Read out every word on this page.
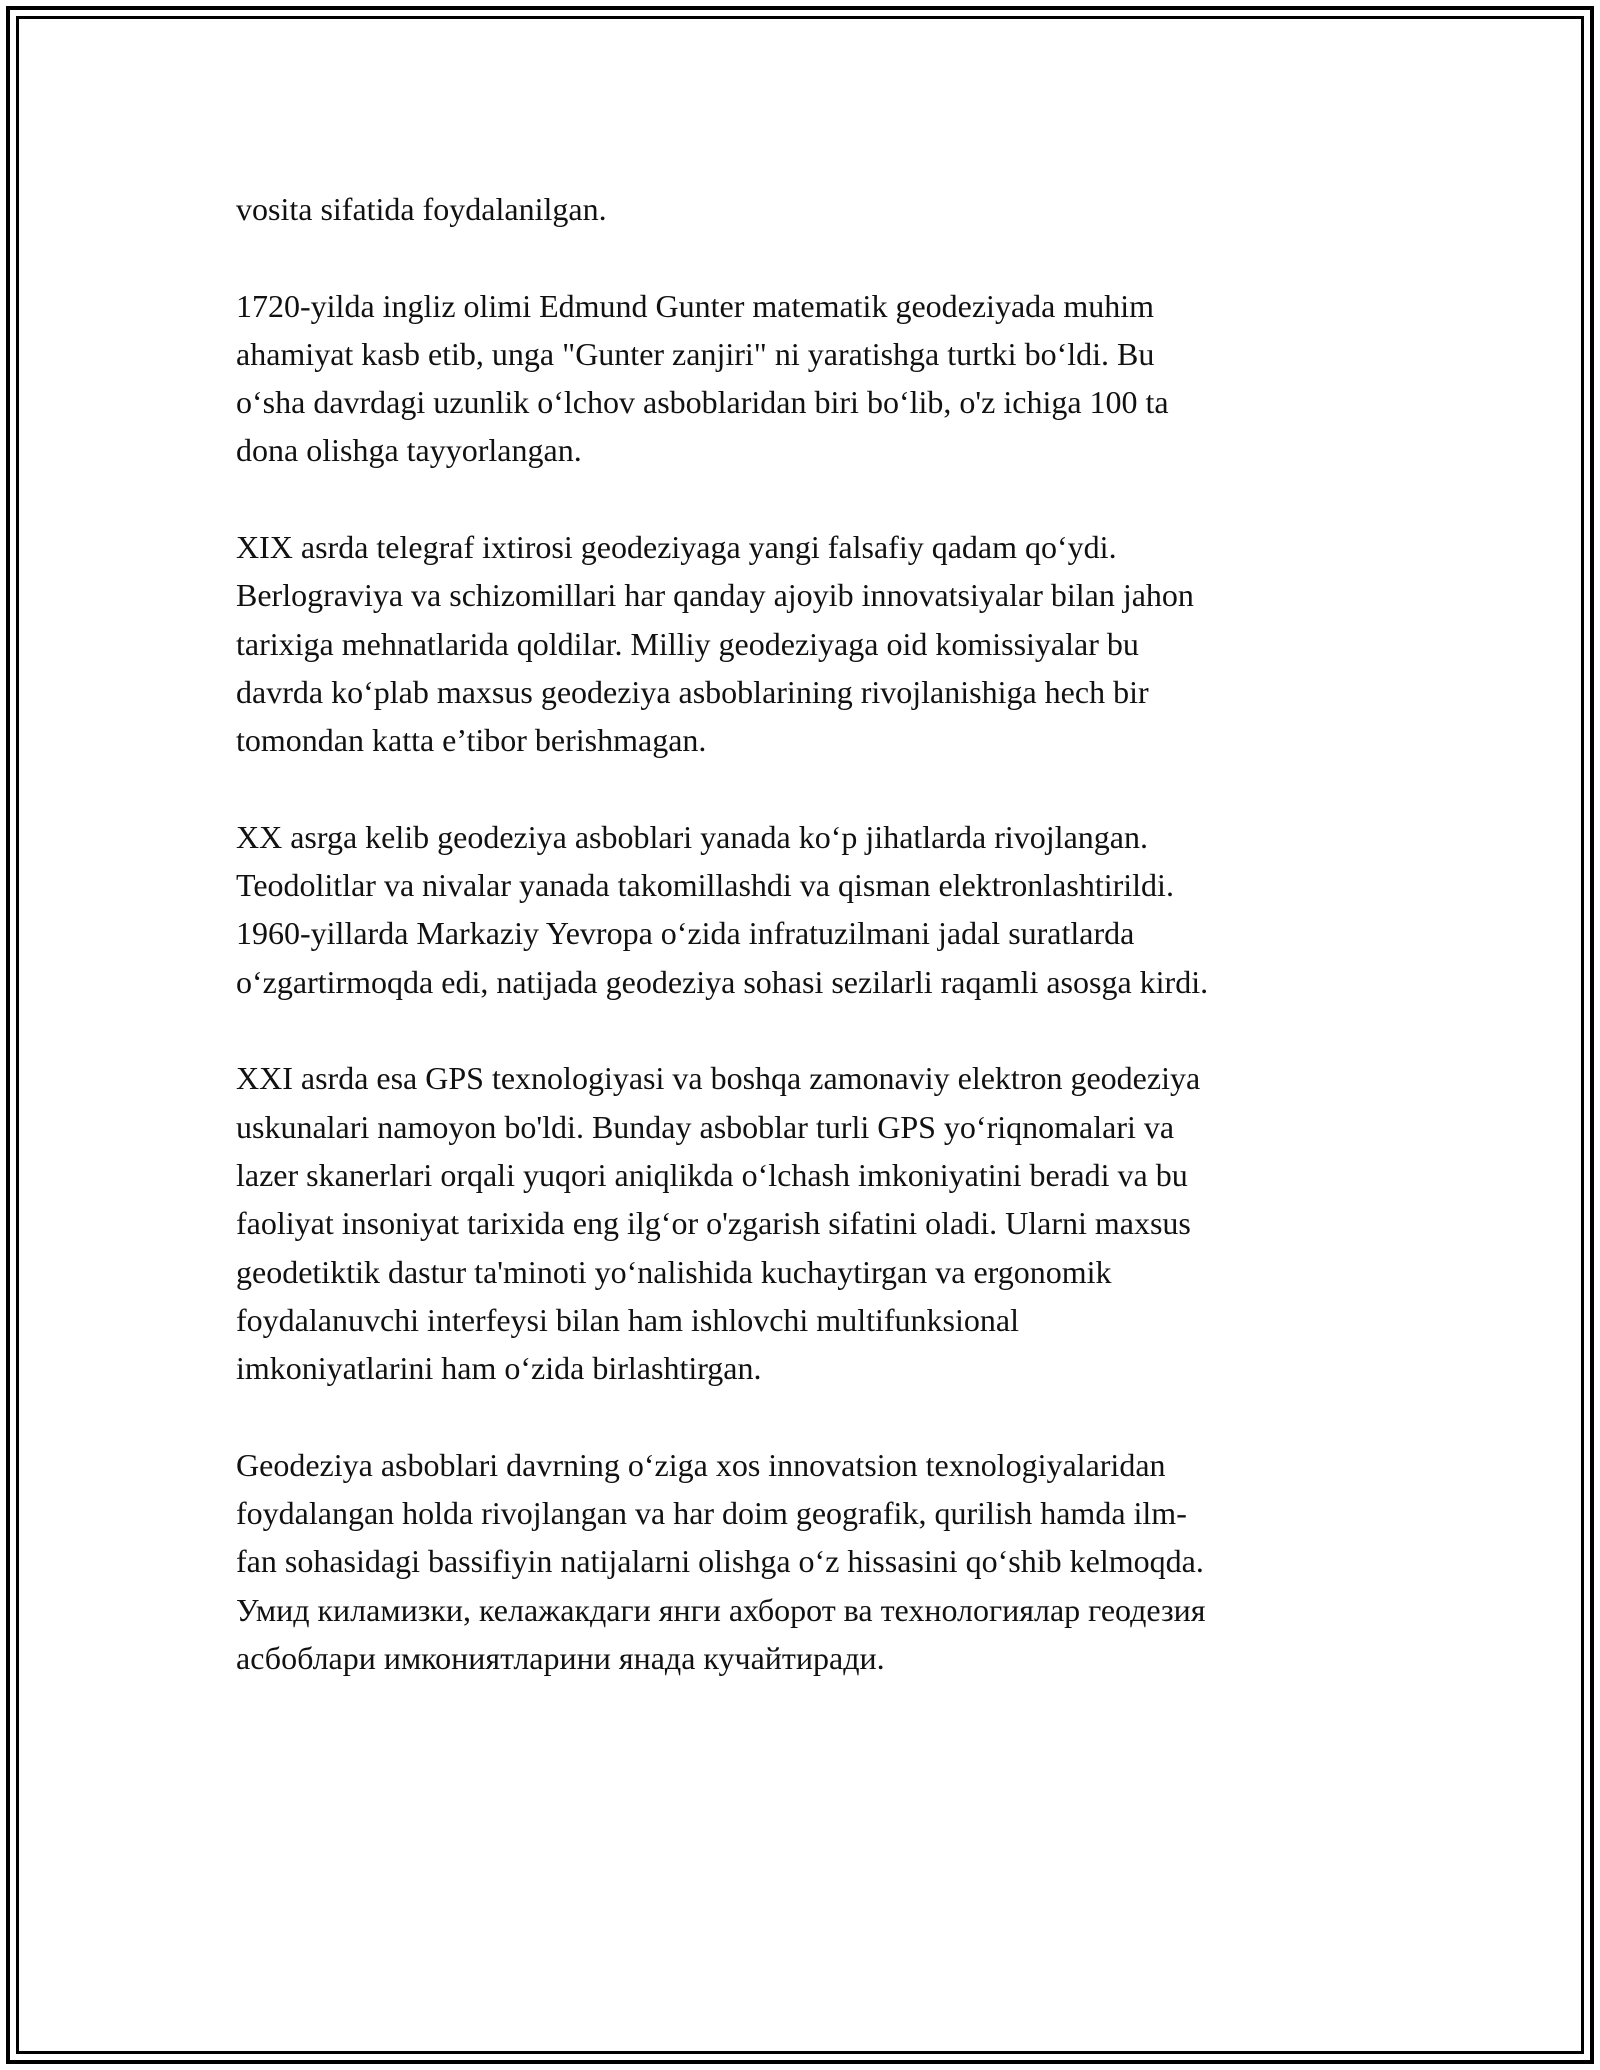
vosita sifatida foydalanilgan.

1720-yilda ingliz olimi Edmund Gunter matematik geodeziyada muhim
ahamiyat kasb etib, unga "Gunter zanjiri" ni yaratishga turtki boʻldi. Bu
oʻsha davrdagi uzunlik oʻlchov asboblaridan biri boʻlib, o'z ichiga 100 ta
dona olishga tayyorlangan.

XIX asrda telegraf ixtirosi geodeziyaga yangi falsafiy qadam qoʻydi.
Berlograviya va schizomillari har qanday ajoyib innovatsiyalar bilan jahon
tarixiga mehnatlarida qoldilar. Milliy geodeziyaga oid komissiyalar bu
davrda koʻplab maxsus geodeziya asboblarining rivojlanishiga hech bir
tomondan katta e’tibor berishmagan.

XX asrga kelib geodeziya asboblari yanada koʻp jihatlarda rivojlangan.
Teodolitlar va nivalar yanada takomillashdi va qisman elektronlashtirildi.
1960-yillarda Markaziy Yevropa oʻzida infratuzilmani jadal suratlarda
oʻzgartirmoqda edi, natijada geodeziya sohasi sezilarli raqamli asosga kirdi.

XXI asrda esa GPS texnologiyasi va boshqa zamonaviy elektron geodeziya
uskunalari namoyon bo'ldi. Bunday asboblar turli GPS yoʻriqnomalari va
lazer skanerlari orqali yuqori aniqlikda oʻlchash imkoniyatini beradi va bu
faoliyat insoniyat tarixida eng ilgʻor o'zgarish sifatini oladi. Ularni maxsus
geodetiktik dastur ta'minoti yoʻnalishida kuchaytirgan va ergonomik
foydalanuvchi interfeysi bilan ham ishlovchi multifunksional
imkoniyatlarini ham oʻzida birlashtirgan.

Geodeziya asboblari davrning oʻziga xos innovatsion texnologiyalaridan
foydalangan holda rivojlangan va har doim geografik, qurilish hamda ilm-
fan sohasidagi bassifiyin natijalarni olishga oʻz hissasini qoʻshib kelmoqda.
Умид киламизки, келажакдаги янги ахборот ва технологиялар геодезия
асбоблари имкониятларини янада кучайтиради.
